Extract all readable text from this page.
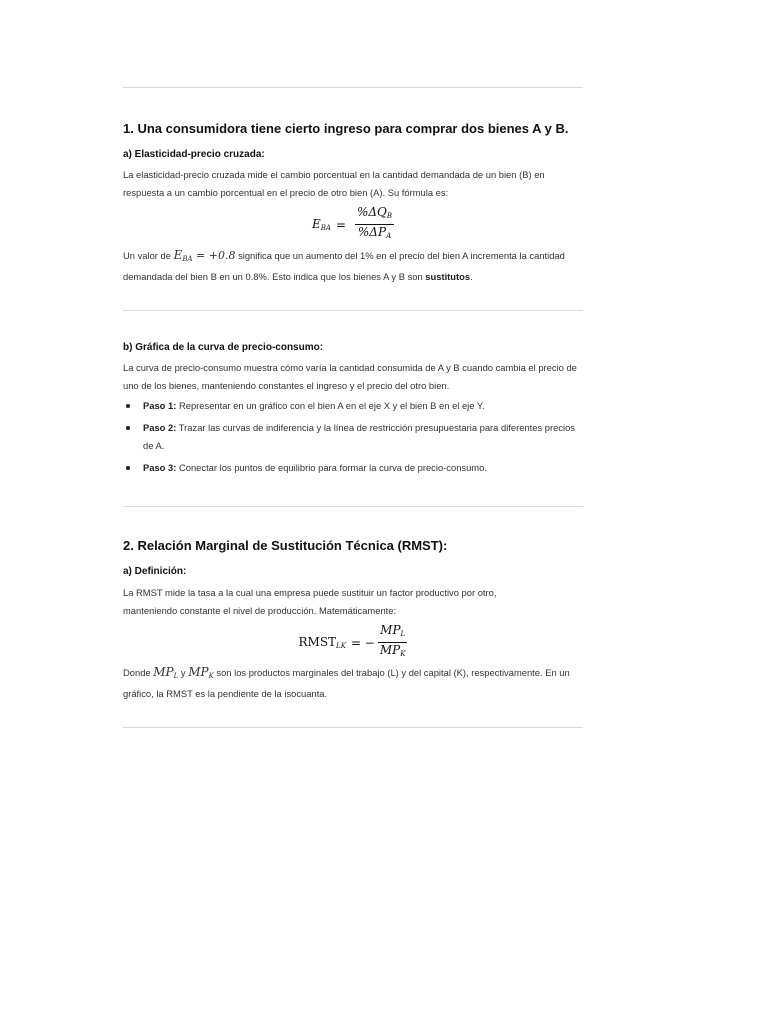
1. Una consumidora tiene cierto ingreso para comprar dos bienes A y B.
a) Elasticidad-precio cruzada:

La elasticidad-precio cruzada mide el cambio porcentual en la cantidad demandada de un bien (B) en respuesta a un cambio porcentual en el precio de otro bien (A). Su fórmula es:

$E_{BA} = \frac{\%\Delta Q_B}{\%\Delta P_A}$

Un valor de $E_{BA} = +0.8$ significa que un aumento del 1% en el precio del bien A incrementa la cantidad demandada del bien B en un 0.8%. Esto indica que los bienes A y B son sustitutos.

b) Gráfica de la curva de precio-consumo:

La curva de precio-consumo muestra cómo varía la cantidad consumida de A y B cuando cambia el precio de uno de los bienes, manteniendo constantes el ingreso y el precio del otro bien.

Paso 1: Representar en un gráfico con el bien A en el eje X y el bien B en el eje Y.
Paso 2: Trazar las curvas de indiferencia y la línea de restricción presupuestaria para diferentes precios de A.
Paso 3: Conectar los puntos de equilibrio para formar la curva de precio-consumo.
2. Relación Marginal de Sustitución Técnica (RMST):
a) Definición:

La RMST mide la tasa a la cual una empresa puede sustituir un factor productivo por otro, manteniendo constante el nivel de producción. Matemáticamente:

$RMST_{LK}$ = − $\frac{MP_L}{MP_K}$

Donde $MP_L$ y $MP_K$ son los productos marginales del trabajo (L) y del capital (K), respectivamente. En un gráfico, la RMST es la pendiente de la isocuanta.
